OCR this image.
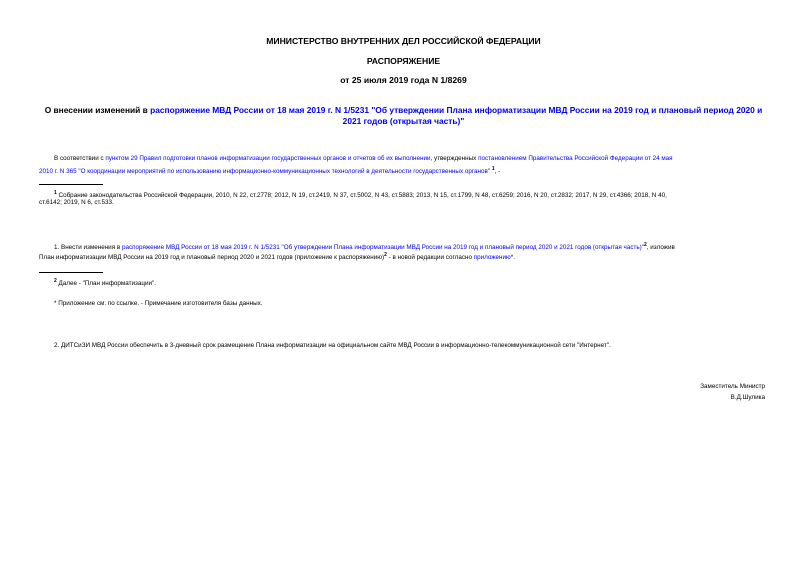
МИНИСТЕРСТВО ВНУТРЕННИХ ДЕЛ РОССИЙСКОЙ ФЕДЕРАЦИИ
РАСПОРЯЖЕНИЕ
от 25 июля 2019 года N 1/8269
О внесении изменений в распоряжение МВД России от 18 мая 2019 г. N 1/5231 "Об утверждении Плана информатизации МВД России на 2019 год и плановый период 2020 и 2021 годов (открытая часть)"
В соответствии с пунктом 29 Правил подготовки планов информатизации государственных органов и отчетов об их выполнении, утвержденных постановлением Правительства Российской Федерации от 24 мая
2010 г. N 365 "О координации мероприятий по использованию информационно-коммуникационных технологий в деятельности государственных органов" $^1$, -
$^1$ Собрание законодательства Российской Федерации, 2010, N 22, ст.2778; 2012, N 19, ст.2419, N 37, ст.5002, N 43, ст.5883; 2013, N 15, ст.1799, N 48, ст.6259; 2016, N 20, ст.2832; 2017, N 29, ст.4366; 2018, N 40,
ст.6142; 2019, N 6, ст.533.
1. Внести изменения в распоряжение МВД России от 18 мая 2019 г. N 1/5231 "Об утверждении Плана информатизации МВД России на 2019 год и плановый период 2020 и 2021 годов (открытая часть)"$^2$, изложив
План информатизации МВД России на 2019 год и плановый период 2020 и 2021 годов (приложение к распоряжению)$^2$ - в новой редакции согласно приложению*.
$^2$ Далее - "План информатизации".
* Приложение см. по ссылке. - Примечание изготовителя базы данных.
2. ДИТСиЗИ МВД России обеспечить в 3-дневный срок размещение Плана информатизации на официальном сайте МВД России в информационно-телекоммуникационной сети "Интернет".
Заместитель Министр
В.Д.Шулика
